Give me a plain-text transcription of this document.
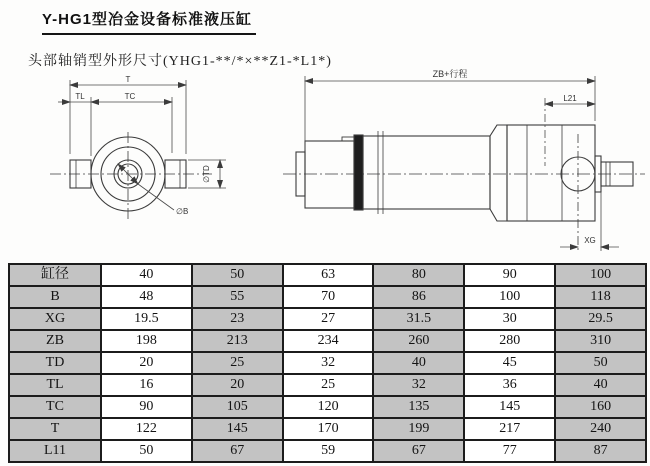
Y-HG1型冶金设备标准液压缸
头部轴销型外形尺寸(YHG1-**/*×**Z1-*L1*)
T
TL	TC
∅TD
∅B
ZB+行程
L21
XG
缸径	40	50	63	80	90	100
B	48	55	70	86	100	118
XG	19.5	23	27	31.5	30	29.5
ZB	198	213	234	260	280	310
TD	20	25	32	40	45	50
TL	16	20	25	32	36	40
TC	90	105	120	135	145	160
T	122	145	170	199	217	240
L11	50	67	59	67	77	87
